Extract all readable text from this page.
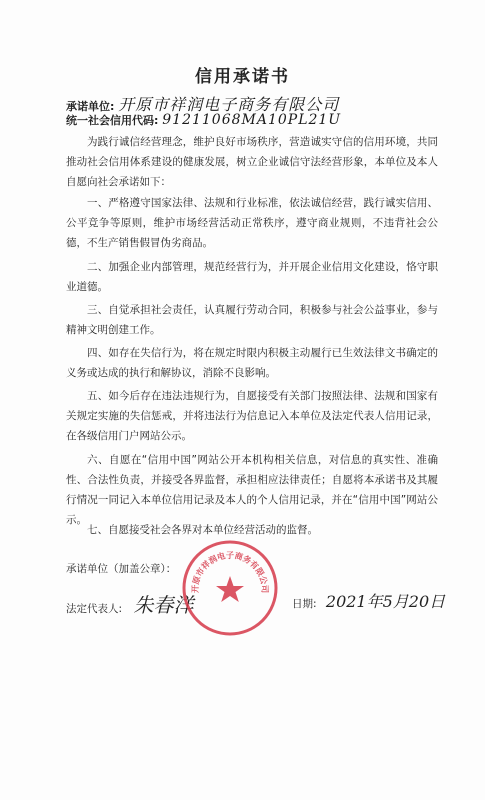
信用承诺书
承诺单位: 开原市祥润电子商务有限公司
统一社会信用代码: 91211068MA10PL21U

为践行诚信经营理念，维护良好市场秩序，营造诚实守信的信用环境，共同推动社会信用体系建设的健康发展，树立企业诚信守法经营形象，本单位及本人自愿向社会承诺如下：

一、严格遵守国家法律、法规和行业标准，依法诚信经营，践行诚实信用、公平竞争等原则，维护市场经营活动正常秩序，遵守商业规则，不违背社会公德，不生产销售假冒伪劣商品。

二、加强企业内部管理，规范经营行为，并开展企业信用文化建设，恪守职业道德。

三、自觉承担社会责任，认真履行劳动合同，积极参与社会公益事业，参与精神文明创建工作。

四、如存在失信行为，将在规定时限内积极主动履行已生效法律文书确定的义务或达成的执行和解协议，消除不良影响。

五、如今后存在违法违规行为，自愿接受有关部门按照法律、法规和国家有关规定实施的失信惩戒，并将违法行为信息记入本单位及法定代表人信用记录，在各级信用门户网站公示。

六、自愿在“信用中国”网站公开本机构相关信息，对信息的真实性、准确性、合法性负责，并接受各界监督，承担相应法律责任；自愿将本承诺书及其履行情况一同记入本单位信用记录及本人的个人信用记录，并在“信用中国”网站公示。

七、自愿接受社会各界对本单位经营活动的监督。

承诺单位（加盖公章）：
法定代表人: 朱春洋	日期: 2021年5月20日
开原市祥润电子商务有限公司
